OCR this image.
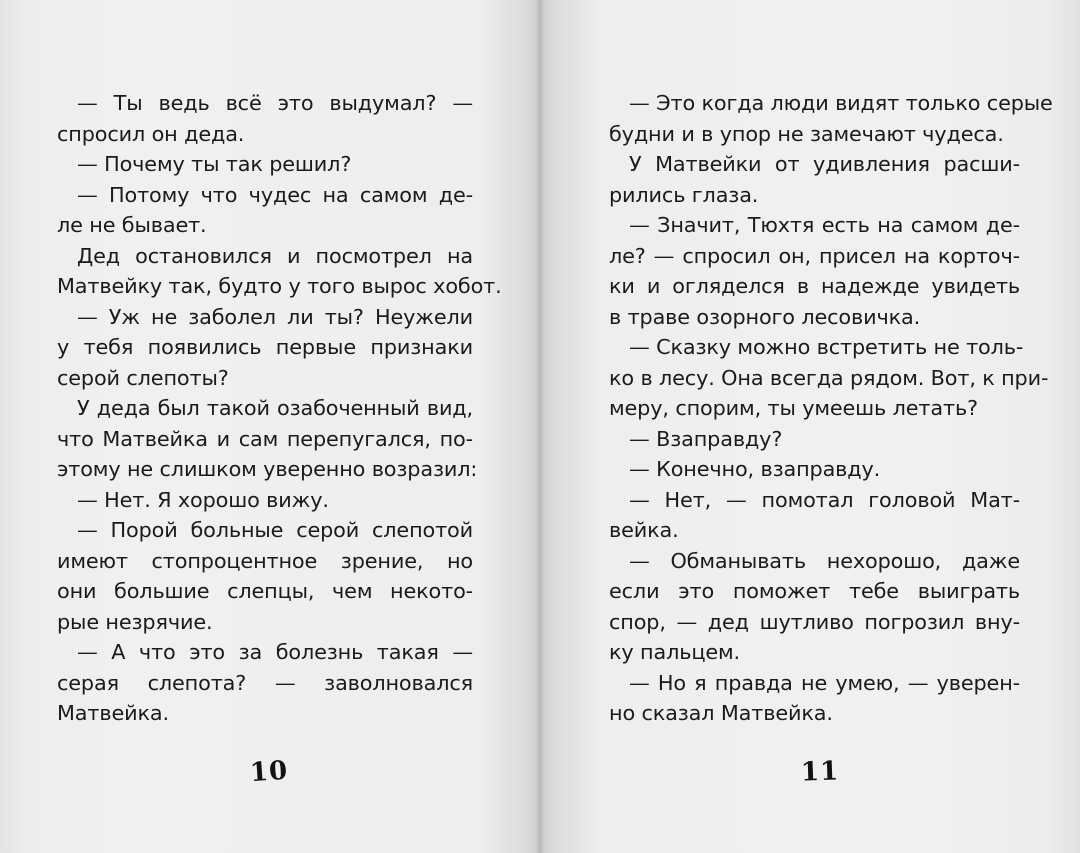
— Ты ведь всё это выдумал? —
спросил он деда.
— Почему ты так решил?
— Потому что чудес на самом де-
ле не бывает.
Дед остановился и посмотрел на
Матвейку так, будто у того вырос хобот.
— Уж не заболел ли ты? Неужели
у тебя появились первые признаки
серой слепоты?
У деда был такой озабоченный вид,
что Матвейка и сам перепугался, по-
этому не слишком уверенно возразил:
— Нет. Я хорошо вижу.
— Порой больные серой слепотой
имеют стопроцентное зрение, но
они большие слепцы, чем некото-
рые незрячие.
— А что это за болезнь такая —
серая слепота? — заволновался
Матвейка.
— Это когда люди видят только серые
будни и в упор не замечают чудеса.
У Матвейки от удивления расши-
рились глаза.
— Значит, Тюхтя есть на самом де-
ле? — спросил он, присел на корточ-
ки и огляделся в надежде увидеть
в траве озорного лесовичка.
— Сказку можно встретить не толь-
ко в лесу. Она всегда рядом. Вот, к при-
меру, спорим, ты умеешь летать?
— Взаправду?
— Конечно, взаправду.
— Нет, — помотал головой Мат-
вейка.
— Обманывать нехорошо, даже
если это поможет тебе выиграть
спор, — дед шутливо погрозил вну-
ку пальцем.
— Но я правда не умею, — уверен-
но сказал Матвейка.
10	11
